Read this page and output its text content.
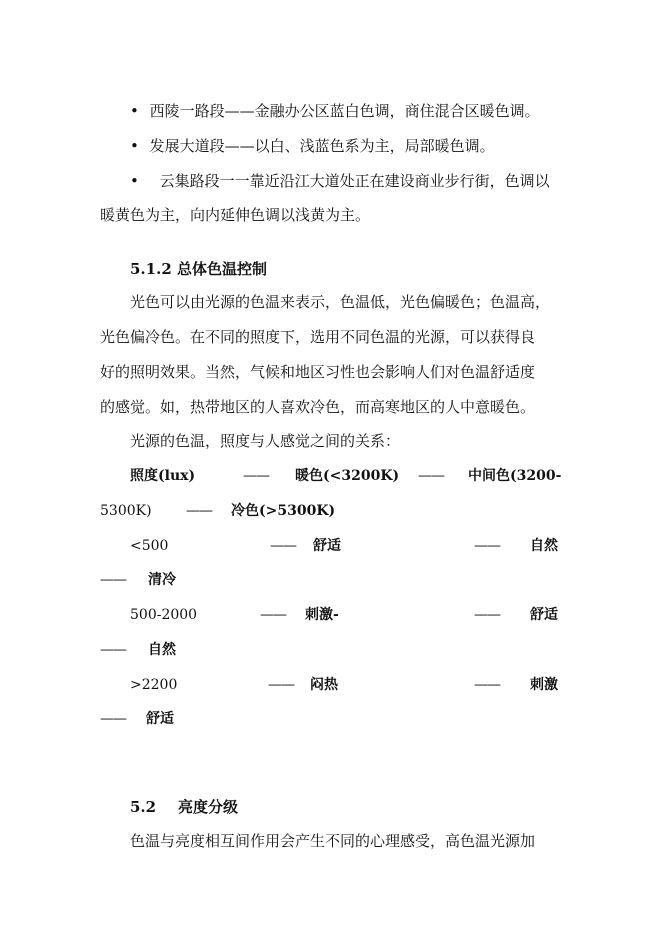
• 西陵一路段——金融办公区蓝白色调，商住混合区暖色调。
• 发展大道段——以白、浅蓝色系为主，局部暖色调。
• 云集路段一一靠近沿江大道处正在建设商业步行街，色调以
暖黄色为主，向内延伸色调以浅黄为主。
5.1.2 总体色温控制
光色可以由光源的色温来表示，色温低，光色偏暖色；色温高，
光色偏冷色。在不同的照度下，选用不同色温的光源，可以获得良
好的照明效果。当然，气候和地区习性也会影响人们对色温舒适度
的感觉。如，热带地区的人喜欢冷色，而高寒地区的人中意暖色。
光源的色温，照度与人感觉之间的关系：
照度(lux)	—— 暖色(<3200K) —— 中间色(3200-
5300K) —— 冷色(>5300K)
<500	—— 舒适	—— 自然
—— 清冷
500-2000	—— 刺激-	—— 舒适
—— 自然
>2200	—— 闷热	—— 刺激
—— 舒适
5.2 亮度分级
色温与亮度相互间作用会产生不同的心理感受，高色温光源加
